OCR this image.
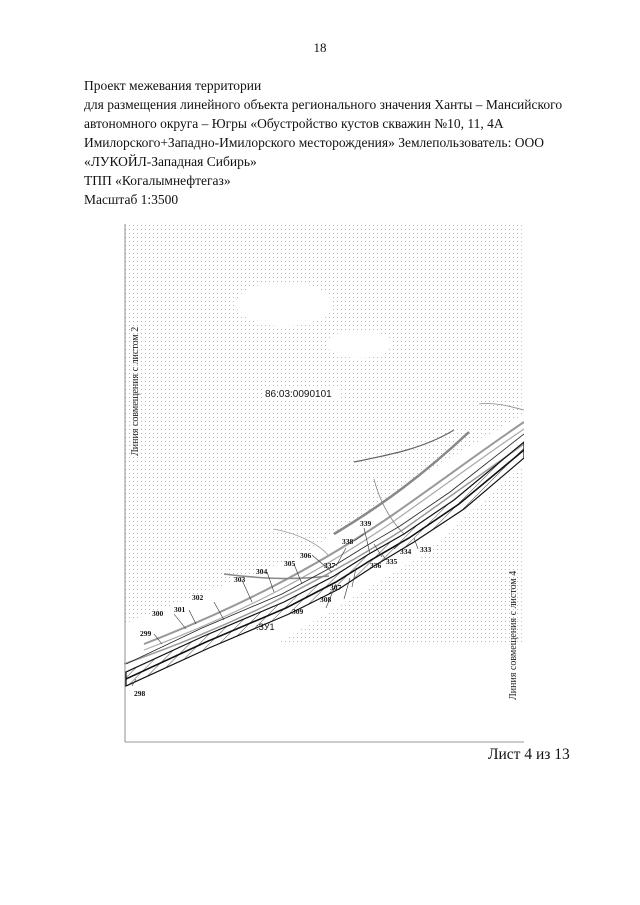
18
Проект межевания территории
для размещения линейного объекта регионального значения Ханты – Мансийского
автономного округа – Югры «Обустройство кустов скважин №10, 11, 4А
Имилорского+Западно-Имилорского месторождения» Землепользователь: ООО
«ЛУКОЙЛ-Западная Сибирь»
ТПП «Когалымнефтегаз»
Масштаб 1:3500
298
299
300 301
302
303
304
305
306
307
308
309
333
334
335
336
337
338
339
:ЗУ1
86:03:0090101
Линия совмещения с листом 2
Линия совмещения с листом 4
Лист 4 из 13
